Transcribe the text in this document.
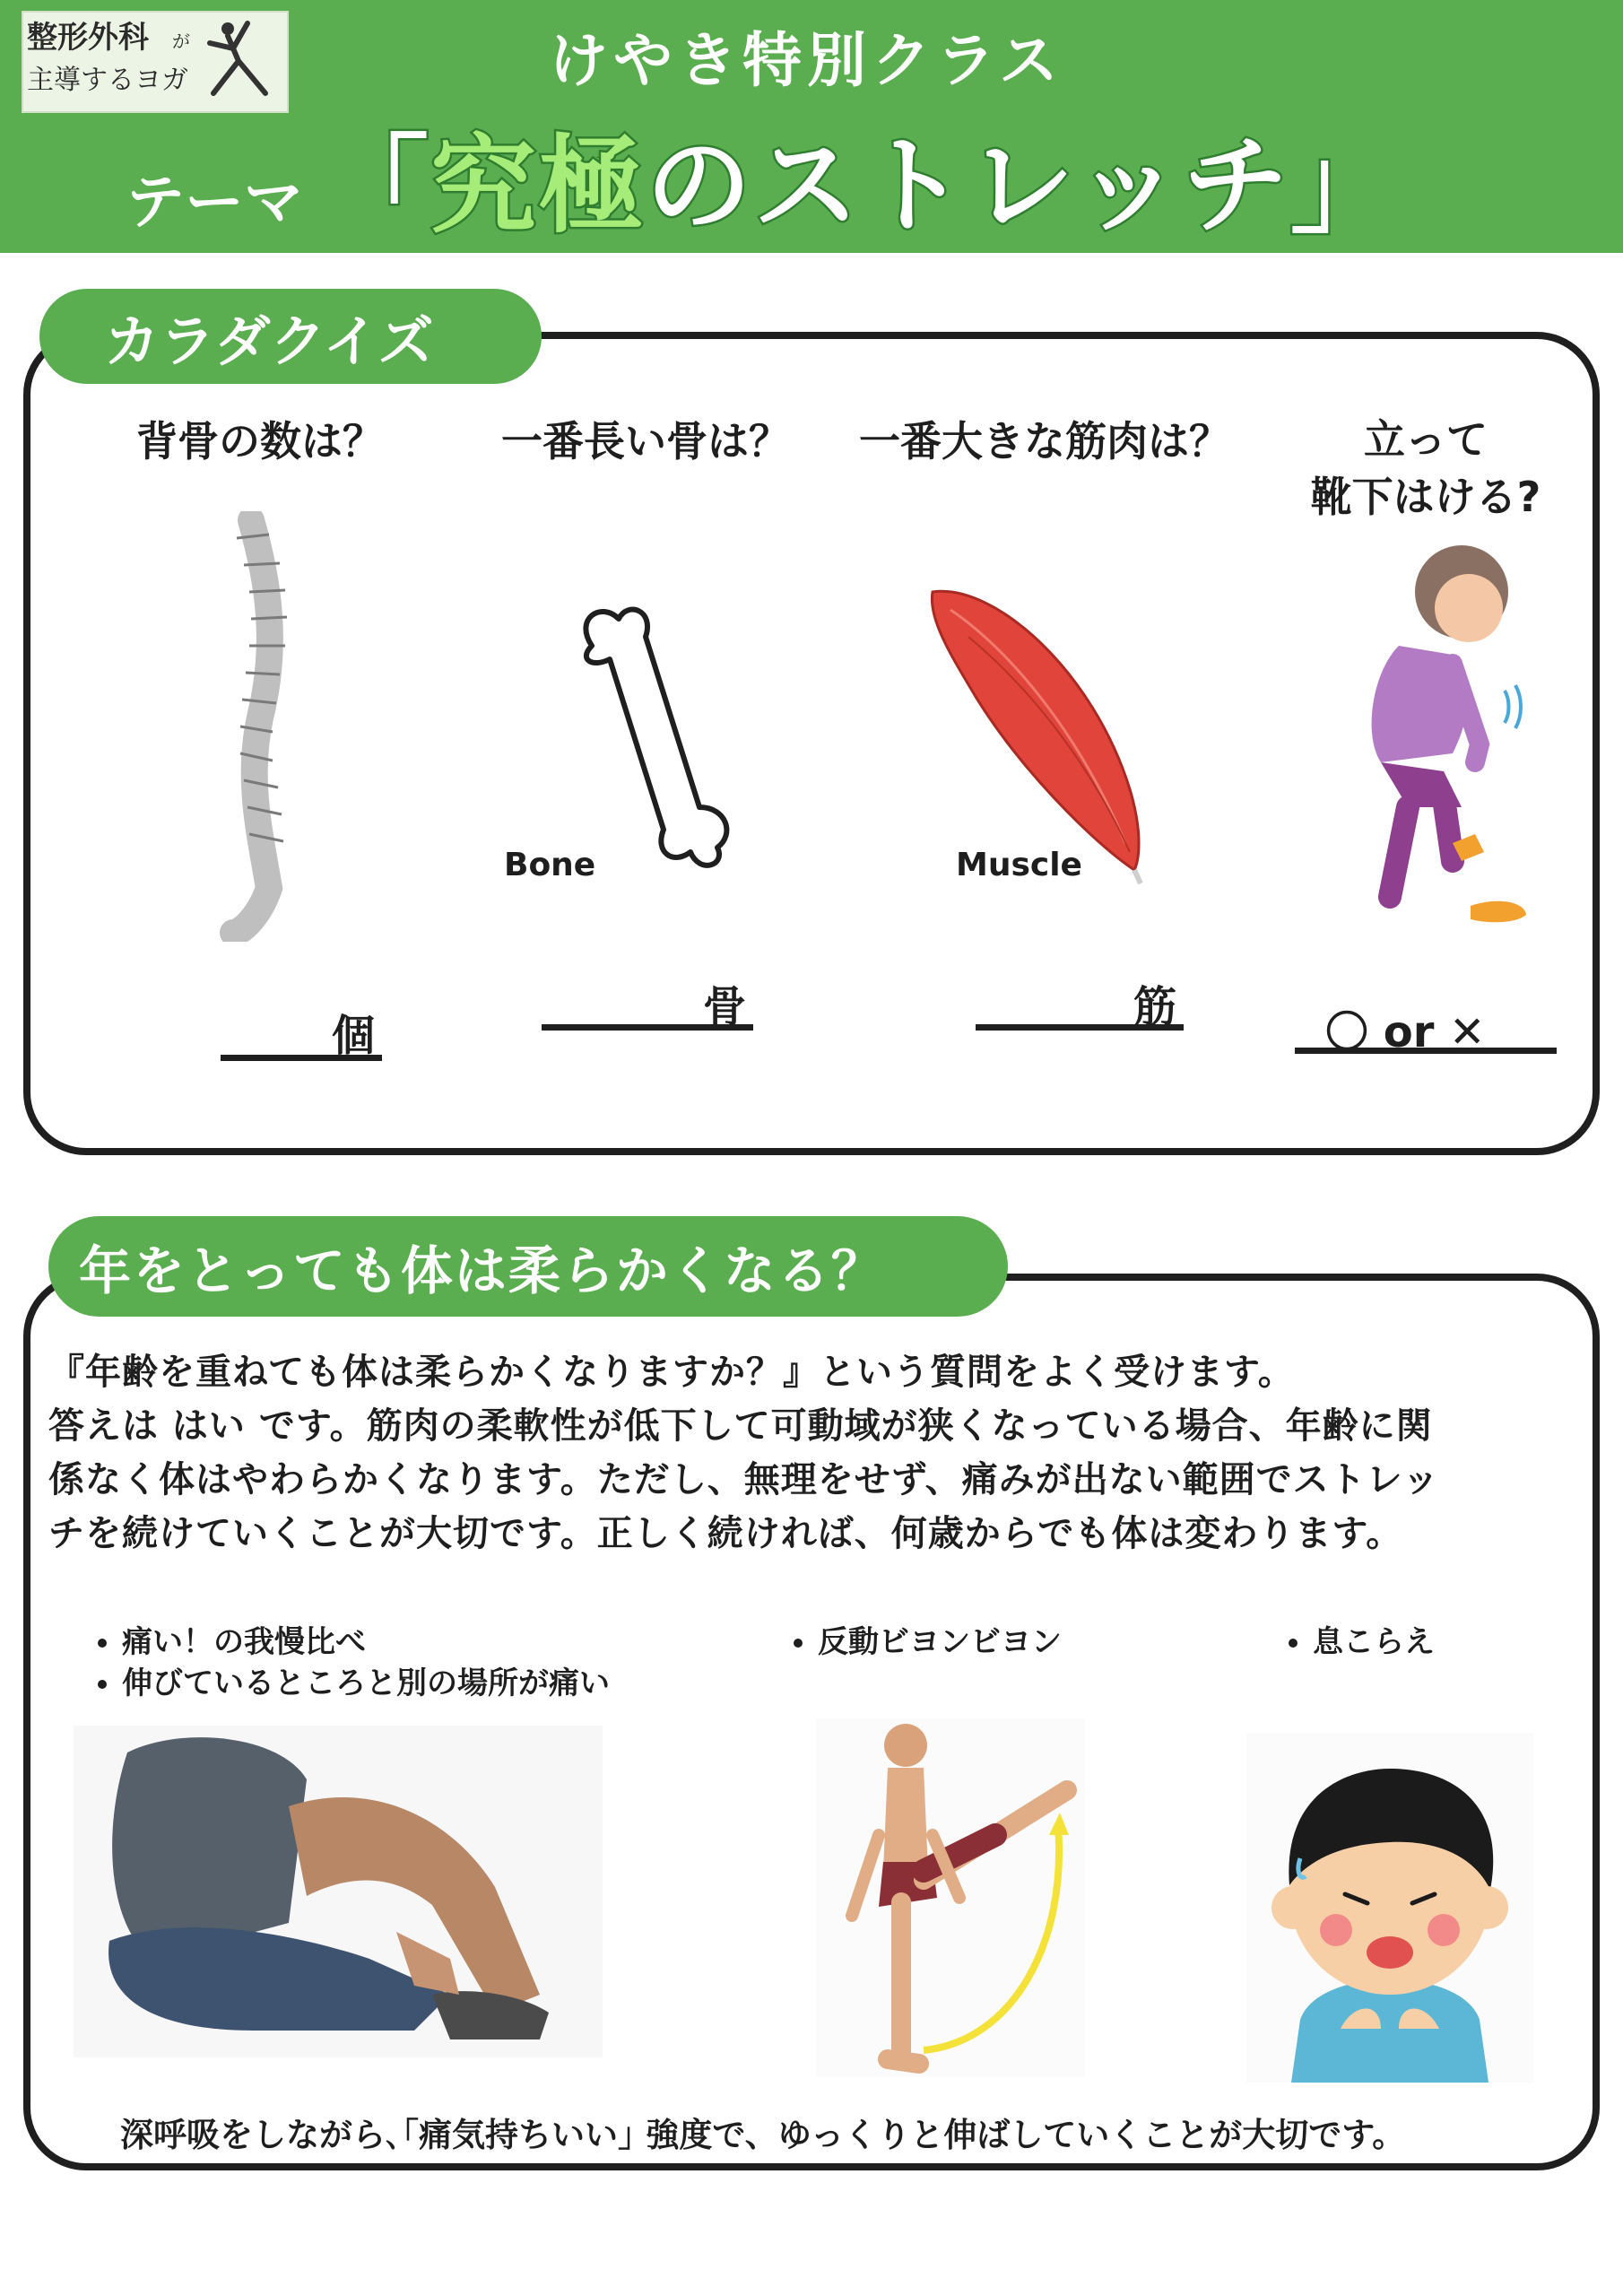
整形外科 が
主導するヨガ	けやき特別クラス
テーマ 「究極のストレッチ」
カラダクイズ
背骨の数は？
個
一番長い骨は？
Bone
骨
一番大きな筋肉は？
Muscle
筋
立って
靴下はける?
〇 or ✕
年をとっても体は柔らかくなる？
『年齢を重ねても体は柔らかくなりますか？』という質問をよく受けます。
答えは はい です。筋肉の柔軟性が低下して可動域が狭くなっている場合、年齢に関
係なく体はやわらかくなります。ただし、無理をせず、痛みが出ない範囲でストレッ
チを続けていくことが大切です。正しく続ければ、何歳からでも体は変わります。
• 痛い！の我慢比べ
• 伸びているところと別の場所が痛い
• 反動ビヨンビヨン
•	息こらえ
深呼吸をしながら､｢痛気持ちいい｣ 強度で、ゆっくりと伸ばしていくことが大切です。
